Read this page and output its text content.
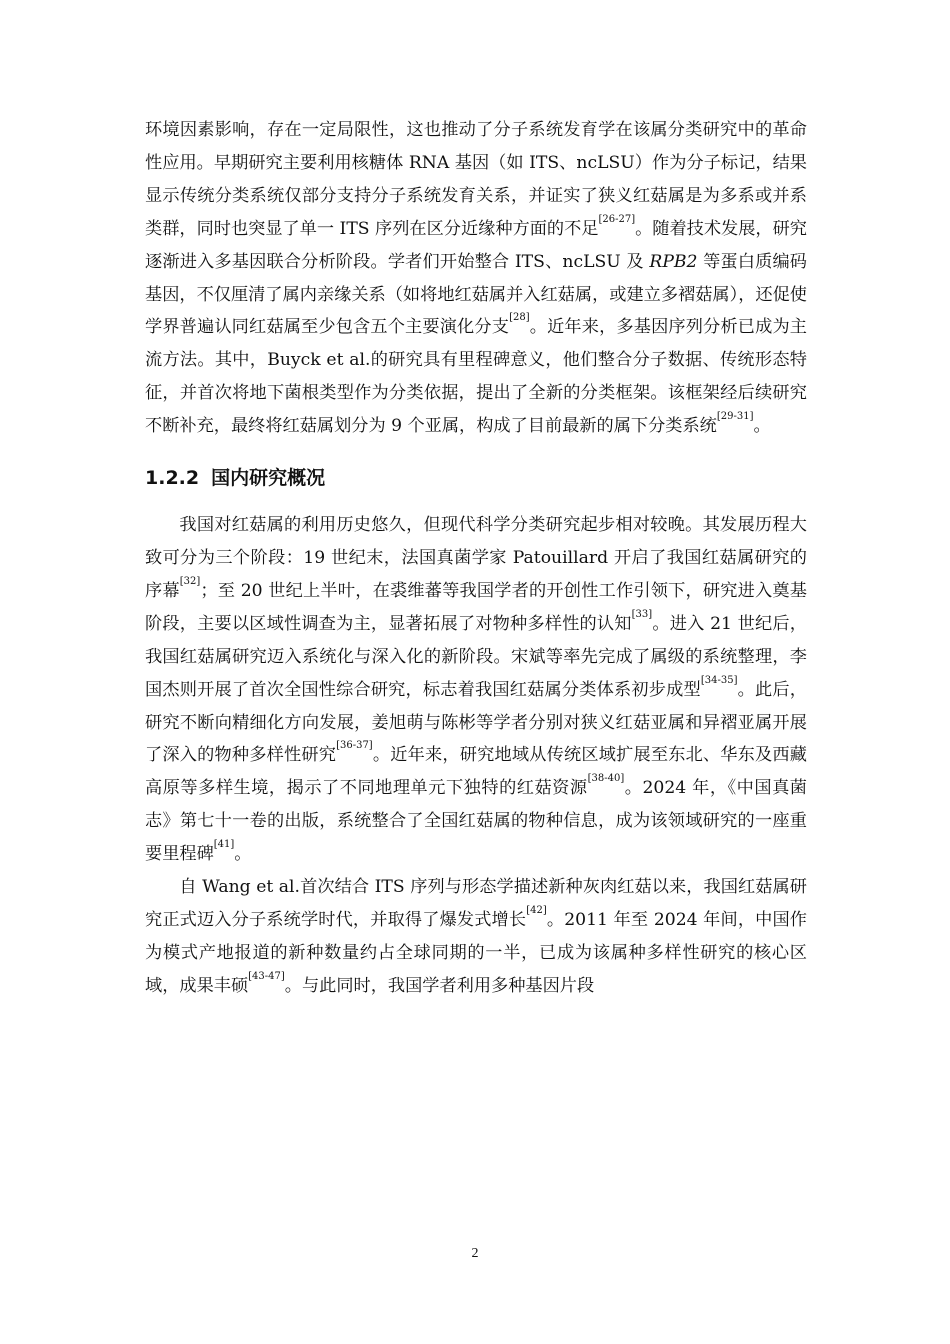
环境因素影响，存在一定局限性，这也推动了分子系统发育学在该属分类研究中的革命性应用。早期研究主要利用核糖体 RNA 基因（如 ITS、ncLSU）作为分子标记，结果显示传统分类系统仅部分支持分子系统发育关系，并证实了狭义红菇属是为多系或并系类群，同时也突显了单一 ITS 序列在区分近缘种方面的不足[26-27]。随着技术发展，研究逐渐进入多基因联合分析阶段。学者们开始整合 ITS、ncLSU 及 RPB2 等蛋白质编码基因，不仅厘清了属内亲缘关系（如将地红菇属并入红菇属，或建立多褶菇属），还促使学界普遍认同红菇属至少包含五个主要演化分支[28]。近年来，多基因序列分析已成为主流方法。其中，Buyck et al.的研究具有里程碑意义，他们整合分子数据、传统形态特征，并首次将地下菌根类型作为分类依据，提出了全新的分类框架。该框架经后续研究不断补充，最终将红菇属划分为 9 个亚属，构成了目前最新的属下分类系统[29-31]。

1.2.2 国内研究概况

我国对红菇属的利用历史悠久，但现代科学分类研究起步相对较晚。其发展历程大致可分为三个阶段：19 世纪末，法国真菌学家 Patouillard 开启了我国红菇属研究的序幕[32]；至 20 世纪上半叶，在裘维蕃等我国学者的开创性工作引领下，研究进入奠基阶段，主要以区域性调查为主，显著拓展了对物种多样性的认知[33]。进入 21 世纪后，我国红菇属研究迈入系统化与深入化的新阶段。宋斌等率先完成了属级的系统整理，李国杰则开展了首次全国性综合研究，标志着我国红菇属分类体系初步成型[34-35]。此后，研究不断向精细化方向发展，姜旭萌与陈彬等学者分别对狭义红菇亚属和异褶亚属开展了深入的物种多样性研究[36-37]。近年来，研究地域从传统区域扩展至东北、华东及西藏高原等多样生境，揭示了不同地理单元下独特的红菇资源[38-40]。2024 年，《中国真菌志》第七十一卷的出版，系统整合了全国红菇属的物种信息，成为该领域研究的一座重要里程碑[41]。

自 Wang et al.首次结合 ITS 序列与形态学描述新种灰肉红菇以来，我国红菇属研究正式迈入分子系统学时代，并取得了爆发式增长[42]。2011 年至 2024 年间，中国作为模式产地报道的新种数量约占全球同期的一半，已成为该属种多样性研究的核心区域，成果丰硕[43-47]。与此同时，我国学者利用多种基因片段

2
